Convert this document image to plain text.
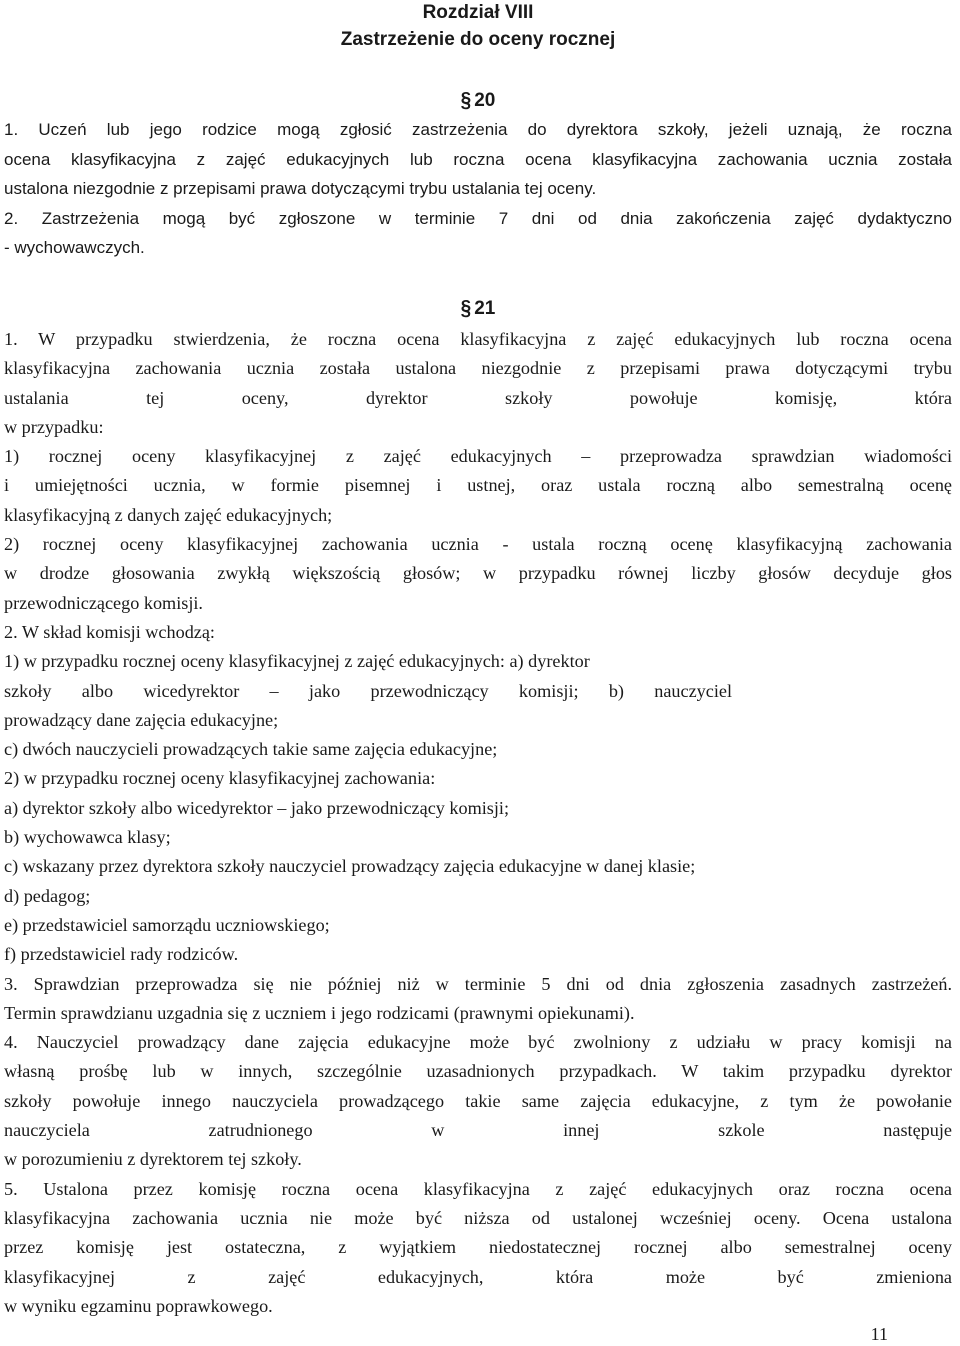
Rozdział VIII
Zastrzeżenie do oceny rocznej
§ 20
1. Uczeń lub jego rodzice mogą zgłosić zastrzeżenia do dyrektora szkoły, jeżeli uznają, że roczna
ocena klasyfikacyjna z zajęć edukacyjnych lub roczna ocena klasyfikacyjna zachowania ucznia została
ustalona niezgodnie z przepisami prawa dotyczącymi trybu ustalania tej oceny.
2. Zastrzeżenia mogą być zgłoszone w terminie 7 dni od dnia zakończenia zajęć dydaktyczno
- wychowawczych.
§ 21
1. W przypadku stwierdzenia, że roczna ocena klasyfikacyjna z zajęć edukacyjnych lub roczna ocena
klasyfikacyjna zachowania ucznia została ustalona niezgodnie z przepisami prawa dotyczącymi trybu
ustalania tej oceny, dyrektor szkoły powołuje komisję, która
w przypadku:
1) rocznej oceny klasyfikacyjnej z zajęć edukacyjnych – przeprowadza sprawdzian wiadomości
i umiejętności ucznia, w formie pisemnej i ustnej, oraz ustala roczną albo semestralną ocenę
klasyfikacyjną z danych zajęć edukacyjnych;
2) rocznej oceny klasyfikacyjnej zachowania ucznia - ustala roczną ocenę klasyfikacyjną zachowania
w drodze głosowania zwykłą większością głosów; w przypadku równej liczby głosów decyduje głos
przewodniczącego komisji.
2. W skład komisji wchodzą:
1) w przypadku rocznej oceny klasyfikacyjnej z zajęć edukacyjnych: a) dyrektor
szkoły albo wicedyrektor – jako przewodniczący komisji; b) nauczyciel
prowadzący dane zajęcia edukacyjne;
c) dwóch nauczycieli prowadzących takie same zajęcia edukacyjne;
2) w przypadku rocznej oceny klasyfikacyjnej zachowania:
a) dyrektor szkoły albo wicedyrektor – jako przewodniczący komisji;
b) wychowawca klasy;
c) wskazany przez dyrektora szkoły nauczyciel prowadzący zajęcia edukacyjne w danej klasie;
d) pedagog;
e) przedstawiciel samorządu uczniowskiego;
f) przedstawiciel rady rodziców.
3. Sprawdzian przeprowadza się nie później niż w terminie 5 dni od dnia zgłoszenia zasadnych zastrzeżeń.
Termin sprawdzianu uzgadnia się z uczniem i jego rodzicami (prawnymi opiekunami).
4. Nauczyciel prowadzący dane zajęcia edukacyjne może być zwolniony z udziału w pracy komisji na
własną prośbę lub w innych, szczególnie uzasadnionych przypadkach. W takim przypadku dyrektor
szkoły powołuje innego nauczyciela prowadzącego takie same zajęcia edukacyjne, z tym że powołanie
nauczyciela zatrudnionego w innej szkole następuje
w porozumieniu z dyrektorem tej szkoły.
5. Ustalona przez komisję roczna ocena klasyfikacyjna z zajęć edukacyjnych oraz roczna ocena
klasyfikacyjna zachowania ucznia nie może być niższa od ustalonej wcześniej oceny. Ocena ustalona
przez komisję jest ostateczna, z wyjątkiem niedostatecznej rocznej albo semestralnej oceny
klasyfikacyjnej z zajęć edukacyjnych, która może być zmieniona
w wyniku egzaminu poprawkowego.
11
